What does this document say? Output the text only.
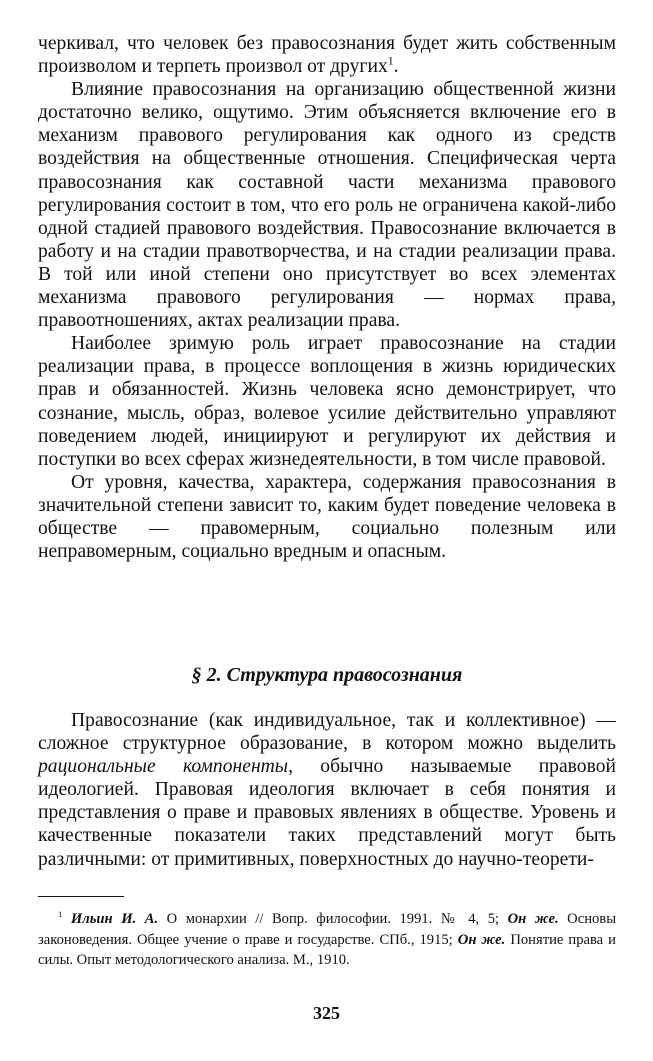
черкивал, что человек без правосознания будет жить собственным произволом и терпеть произвол от других$^1$.

Влияние правосознания на организацию общественной жизни достаточно велико, ощутимо. Этим объясняется включение его в механизм правового регулирования как одного из средств воздействия на общественные отношения. Специфическая черта правосознания как составной части механизма правового регулирования состоит в том, что его роль не ограничена какой-либо одной стадией правового воздействия. Правосознание включается в работу и на стадии правотворчества, и на стадии реализации права. В той или иной степени оно присутствует во всех элементах механизма правового регулирования — нормах права, правоотношениях, актах реализации права.

Наиболее зримую роль играет правосознание на стадии реализации права, в процессе воплощения в жизнь юридических прав и обязанностей. Жизнь человека ясно демонстрирует, что сознание, мысль, образ, волевое усилие действительно управляют поведением людей, инициируют и регулируют их действия и поступки во всех сферах жизнедеятельности, в том числе правовой.

От уровня, качества, характера, содержания правосознания в значительной степени зависит то, каким будет поведение человека в обществе — правомерным, социально полезным или неправомерным, социально вредным и опасным.

§ 2. Структура правосознания

Правосознание (как индивидуальное, так и коллективное) — сложное структурное образование, в котором можно выделить рациональные компоненты, обычно называемые правовой идеологией. Правовая идеология включает в себя понятия и представления о праве и правовых явлениях в обществе. Уровень и качественные показатели таких представлений могут быть различными: от примитивных, поверхностных до научно-теорети-

$^1$ Ильин И. А. О монархии // Вопр. философии. 1991. № 4, 5; Он же. Основы законоведения. Общее учение о праве и государстве. СПб., 1915; Он же. Понятие права и силы. Опыт методологического анализа. М., 1910.
325
